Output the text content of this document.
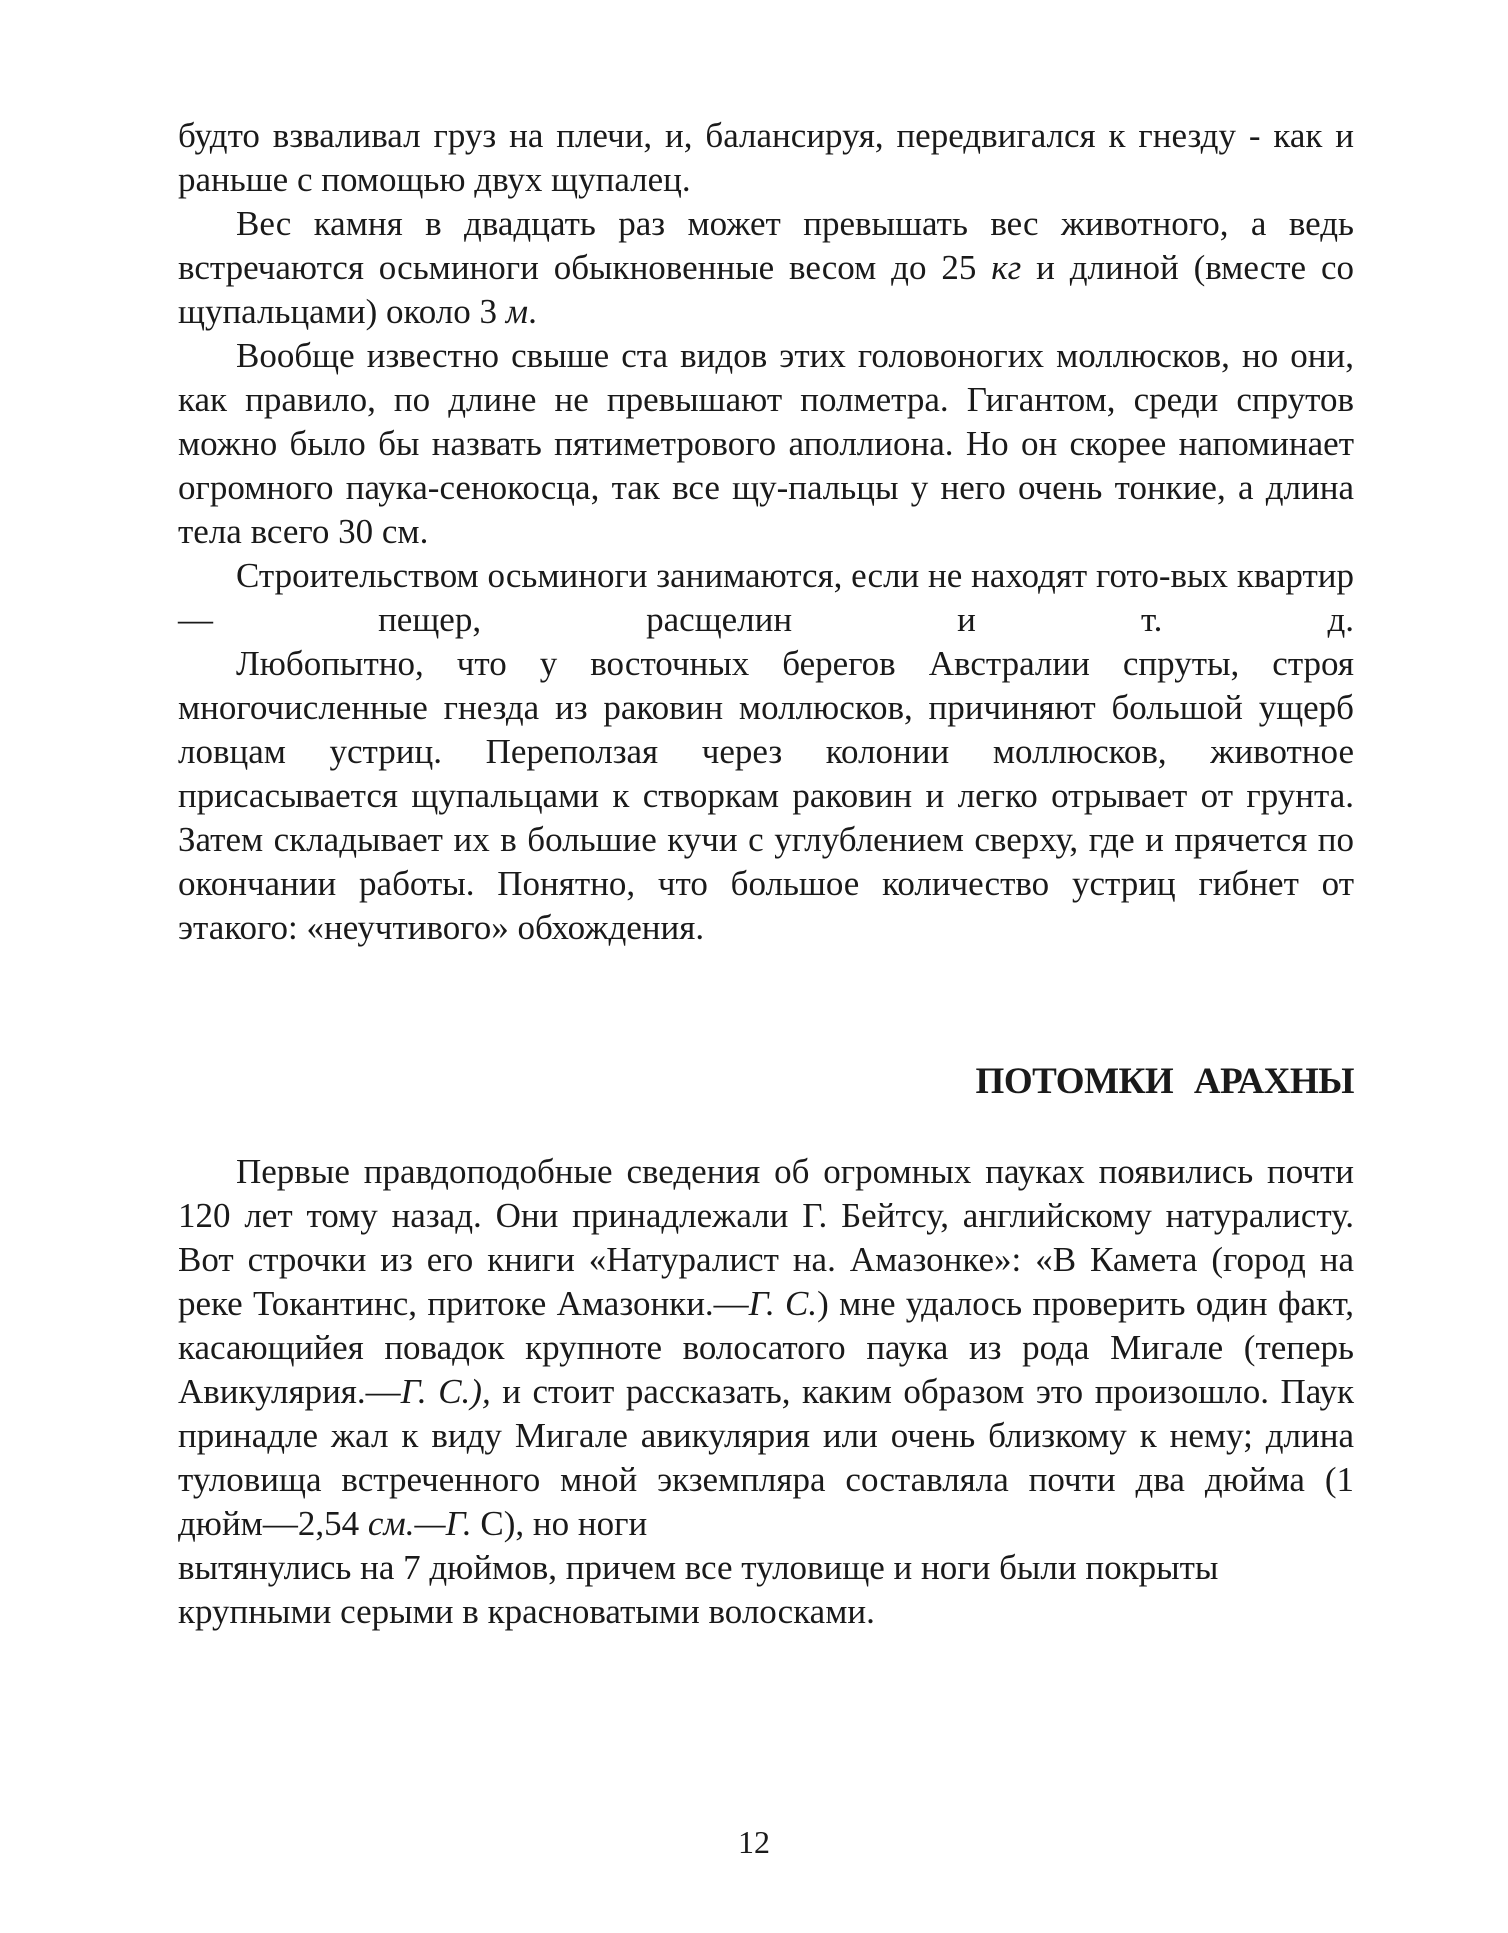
будто взваливал груз на плечи, и, балансируя, передвигался к гнезду - как и раньше с помощью двух щупалец.

Вес камня в двадцать раз может превышать вес животного, а ведь встречаются осьминоги обыкновенные весом до 25 кг и длиной (вместе со щупальцами) около 3 м.

Вообще известно свыше ста видов этих головоногих моллюсков, но они, как правило, по длине не превышают полметра. Гигантом, среди спрутов можно было бы назвать пятиметрового аполлиона. Но он скорее напоминает огромного паука-сенокосца, так все щу-пальцы у него очень тонкие, а длина тела всего 30 см.

Строительством осьминоги занимаются, если не находят гото-вых квартир— пещер, расщелин и т. д.

Любопытно, что у восточных берегов Австралии спруты, строя многочисленные гнезда из раковин моллюсков, причиняют большой ущерб ловцам устриц. Переползая через колонии моллюсков, животное присасывается щупальцами к створкам раковин и легко отрывает от грунта. Затем складывает их в большие кучи с углублением сверху, где и прячется по окончании работы. Понятно, что большое количество устриц гибнет от этакого: «неучтивого» обхождения.

ПОТОМКИ АРАХНЫ

Первые правдоподобные сведения об огромных пауках появились почти 120 лет тому назад. Они принадлежали Г. Бейтсу, английскому натуралисту. Вот строчки из его книги «Натуралист на. Амазонке»: «В Камета (город на реке Токантинс, притоке Амазонки.—Г. С.) мне удалось проверить один факт, касающийея повадок крупноте волосатого паука из рода Мигале (теперь Авикулярия.—Г. С.), и стоит рассказать, каким образом это произошло. Паук принадле жал к виду Мигале авикулярия или очень близкому к нему; длина туловища встреченного мной экземпляра составляла почти два дюйма (1 дюйм—2,54 см.—Г. С), но ноги
вытянулись на 7 дюймов, причем все туловище и ноги были покрыты
крупными серыми в красноватыми волосками.

12
